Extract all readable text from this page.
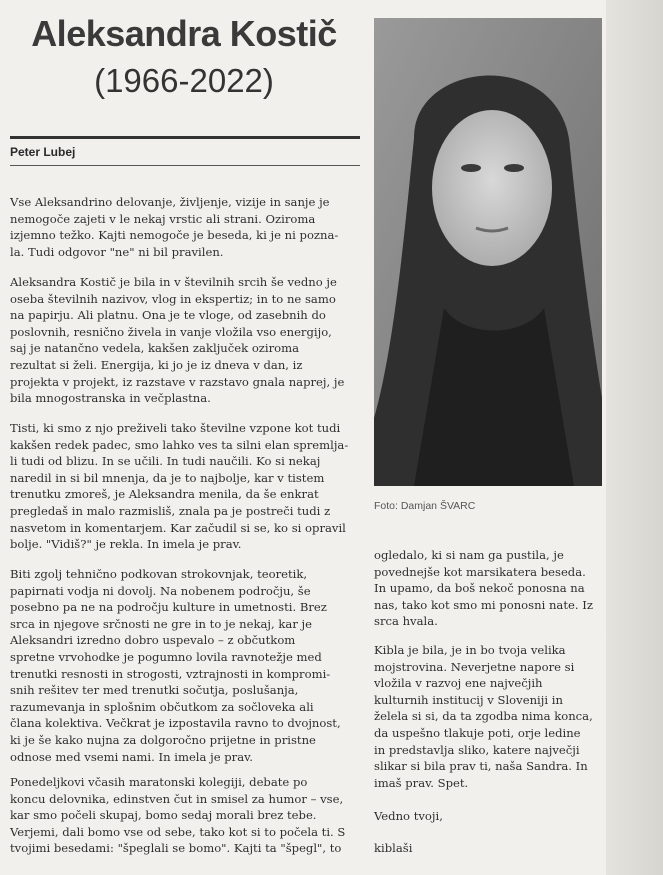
Aleksandra Kostič
(1966-2022)
Peter Lubej

Vse Aleksandrino delovanje, življenje, vizije in sanje je
nemogoče zajeti v le nekaj vrstic ali strani. Oziroma
izjemno težko. Kajti nemogoče je beseda, ki je ni pozna-
la. Tudi odgovor "ne" ni bil pravilen.

Aleksandra Kostič je bila in v številnih srcih še vedno je
oseba številnih nazivov, vlog in ekspertiz; in to ne samo
na papirju. Ali platnu. Ona je te vloge, od zasebnih do
poslovnih, resnično živela in vanje vložila vso energijo,
saj je natančno vedela, kakšen zaključek oziroma
rezultat si želi. Energija, ki jo je iz dneva v dan, iz
projekta v projekt, iz razstave v razstavo gnala naprej, je
bila mnogostranska in večplastna.

Tisti, ki smo z njo preživeli tako številne vzpone kot tudi
kakšen redek padec, smo lahko ves ta silni elan spremlja-
li tudi od blizu. In se učili. In tudi naučili. Ko si nekaj
naredil in si bil mnenja, da je to najbolje, kar v tistem
trenutku zmoreš, je Aleksandra menila, da še enkrat
pregledaš in malo razmisliš, znala pa je postreči tudi z
nasvetom in komentarjem. Kar začudil si se, ko si opravil
bolje. "Vidiš?" je rekla. In imela je prav.

Biti zgolj tehnično podkovan strokovnjak, teoretik,
papirnati vodja ni dovolj. Na nobenem področju, še
posebno pa ne na področju kulture in umetnosti. Brez
srca in njegove srčnosti ne gre in to je nekaj, kar je
Aleksandri izredno dobro uspevalo – z občutkom
spretne vrvohodke je pogumno lovila ravnotežje med
trenutki resnosti in strogosti, vztrajnosti in kompromi-
snih rešitev ter med trenutki sočutja, poslušanja,
razumevanja in splošnim občutkom za sočloveka ali
člana kolektiva. Večkrat je izpostavila ravno to dvojnost,
ki je še kako nujna za dolgoročno prijetne in pristne
odnose med vsemi nami. In imela je prav.

Ponedeljkovi včasih maratonski kolegiji, debate po
koncu delovnika, edinstven čut in smisel za humor – vse,
kar smo počeli skupaj, bomo sedaj morali brez tebe.
Verjemi, dali bomo vse od sebe, tako kot si to počela ti. S
tvojimi besedami: "špeglali se bomo". Kajti ta "špegl", to

Foto: Damjan ŠVARC

ogledalo, ki si nam ga pustila, je
povednejše kot marsikatera beseda.
In upamo, da boš nekoč ponosna na
nas, tako kot smo mi ponosni nate. Iz
srca hvala.

Kibla je bila, je in bo tvoja velika
mojstrovina. Neverjetne napore si
vložila v razvoj ene največjih
kulturnih institucij v Sloveniji in
želela si si, da ta zgodba nima konca,
da uspešno tlakuje poti, orje ledine
in predstavlja sliko, katere največji
slikar si bila prav ti, naša Sandra. In
imaš prav. Spet.

Vedno tvoji,

kiblaši
